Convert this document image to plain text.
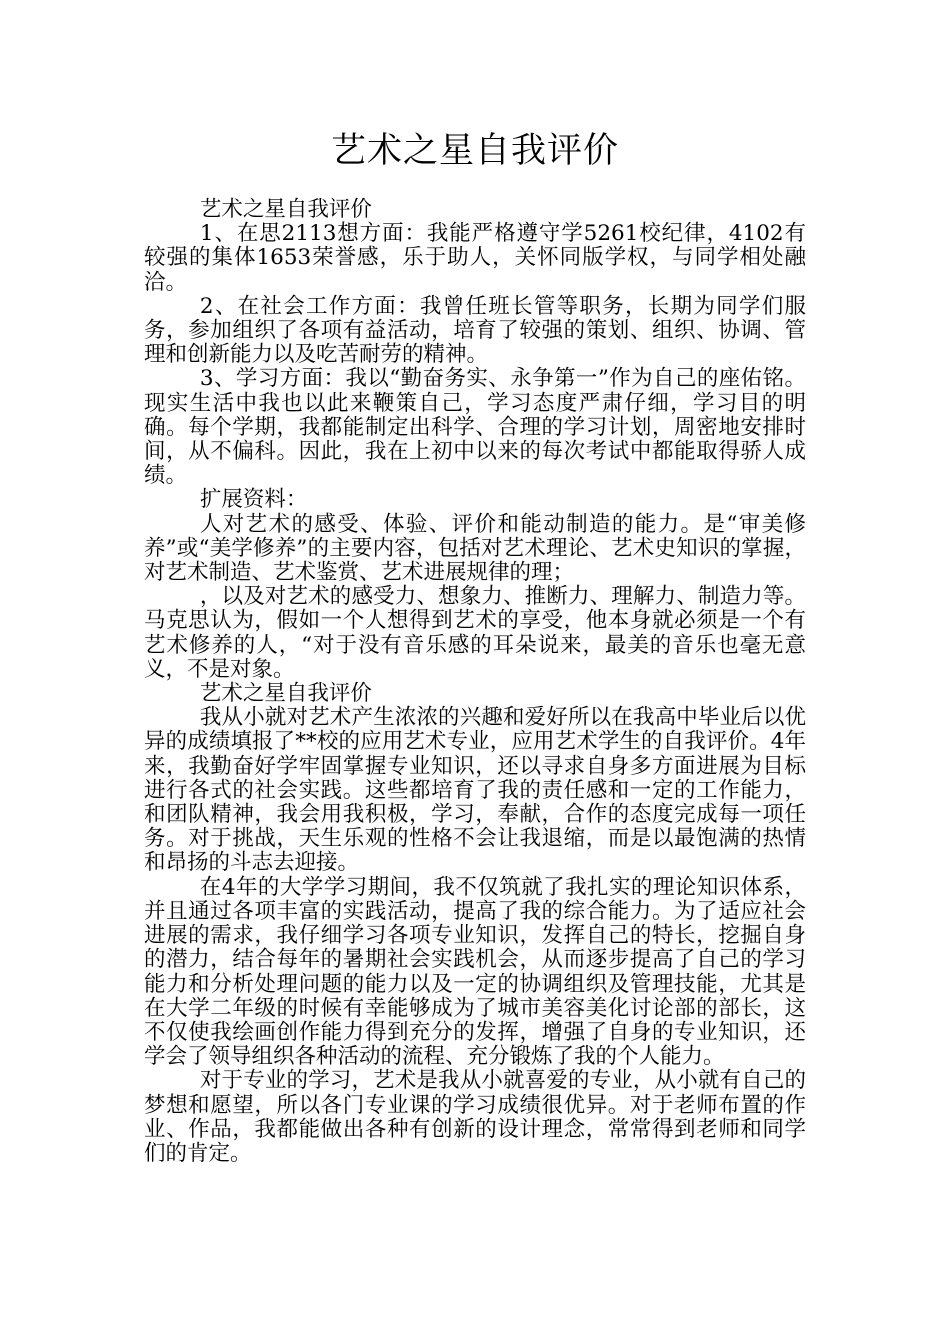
艺术之星自我评价

艺术之星自我评价

1、在思2113想方面：我能严格遵守学5261校纪律，4102有较强的集体1653荣誉感，乐于助人，关怀同版学权，与同学相处融洽。

2、在社会工作方面：我曾任班长管等职务，长期为同学们服务，参加组织了各项有益活动，培育了较强的策划、组织、协调、管理和创新能力以及吃苦耐劳的精神。

3、学习方面：我以“勤奋务实、永争第一”作为自己的座佑铭。现实生活中我也以此来鞭策自己，学习态度严肃仔细，学习目的明确。每个学期，我都能制定出科学、合理的学习计划，周密地安排时间，从不偏科。因此，我在上初中以来的每次考试中都能取得骄人成绩。

扩展资料：

人对艺术的感受、体验、评价和能动制造的能力。是“审美修养”或“美学修养”的主要内容，包括对艺术理论、艺术史知识的掌握，对艺术制造、艺术鉴赏、艺术进展规律的理；

，以及对艺术的感受力、想象力、推断力、理解力、制造力等。马克思认为，假如一个人想得到艺术的享受，他本身就必须是一个有艺术修养的人，“对于没有音乐感的耳朵说来，最美的音乐也毫无意义，不是对象。

艺术之星自我评价

我从小就对艺术产生浓浓的兴趣和爱好所以在我高中毕业后以优异的成绩填报了**校的应用艺术专业，应用艺术学生的自我评价。4年来，我勤奋好学牢固掌握专业知识，还以寻求自身多方面进展为目标进行各式的社会实践。这些都培育了我的责任感和一定的工作能力，和团队精神，我会用我积极，学习，奉献，合作的态度完成每一项任务。对于挑战，天生乐观的性格不会让我退缩，而是以最饱满的热情和昂扬的斗志去迎接。

在4年的大学学习期间，我不仅筑就了我扎实的理论知识体系，并且通过各项丰富的实践活动，提高了我的综合能力。为了适应社会进展的需求，我仔细学习各项专业知识，发挥自己的特长，挖掘自身的潜力，结合每年的暑期社会实践机会，从而逐步提高了自己的学习能力和分析处理问题的能力以及一定的协调组织及管理技能，尤其是在大学二年级的时候有幸能够成为了城市美容美化讨论部的部长，这不仅使我绘画创作能力得到充分的发挥，增强了自身的专业知识，还学会了领导组织各种活动的流程、充分锻炼了我的个人能力。

对于专业的学习，艺术是我从小就喜爱的专业，从小就有自己的梦想和愿望，所以各门专业课的学习成绩很优异。对于老师布置的作业、作品，我都能做出各种有创新的设计理念，常常得到老师和同学们的肯定。
